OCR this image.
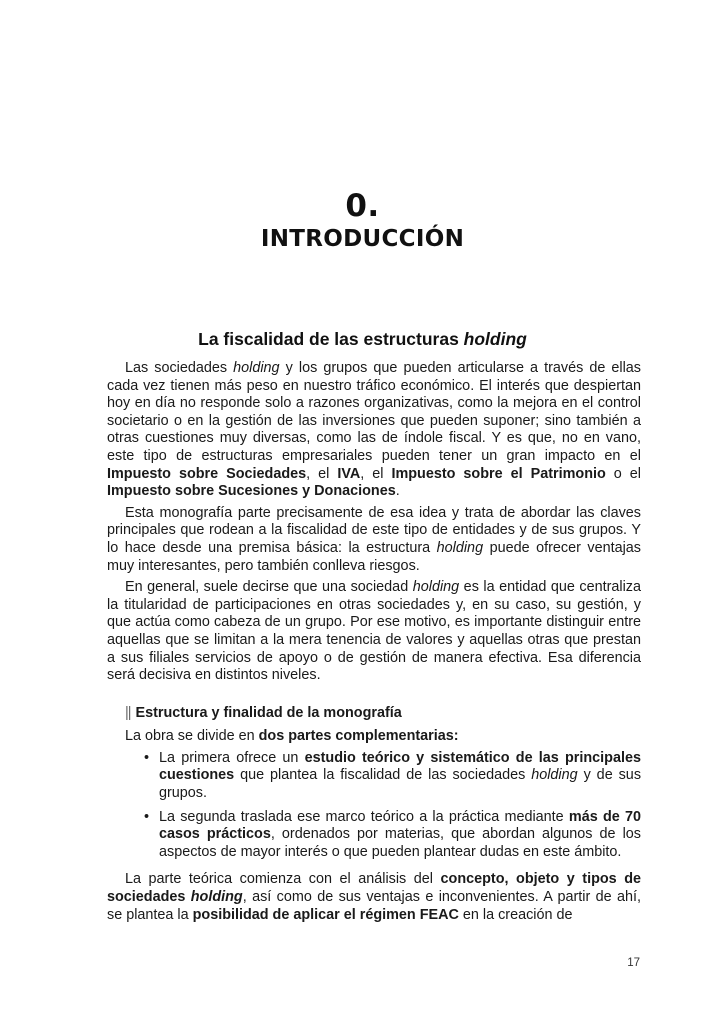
0.
INTRODUCCIÓN
La fiscalidad de las estructuras holding

Las sociedades holding y los grupos que pueden articularse a través de ellas cada vez tienen más peso en nuestro tráfico económico. El interés que despiertan hoy en día no responde solo a razones organizativas, como la mejora en el control societario o en la gestión de las inversiones que pueden suponer; sino también a otras cuestiones muy diversas, como las de índole fiscal. Y es que, no en vano, este tipo de estructuras empresariales pueden tener un gran impacto en el Impuesto sobre Sociedades, el IVA, el Impuesto sobre el Patrimonio o el Impuesto sobre Sucesiones y Donaciones.

Esta monografía parte precisamente de esa idea y trata de abordar las claves principales que rodean a la fiscalidad de este tipo de entidades y de sus grupos. Y lo hace desde una premisa básica: la estructura holding puede ofrecer ventajas muy interesantes, pero también conlleva riesgos.

En general, suele decirse que una sociedad holding es la entidad que centraliza la titularidad de participaciones en otras sociedades y, en su caso, su gestión, y que actúa como cabeza de un grupo. Por ese motivo, es importante distinguir entre aquellas que se limitan a la mera tenencia de valores y aquellas otras que prestan a sus filiales servicios de apoyo o de gestión de manera efectiva. Esa diferencia será decisiva en distintos niveles.

|| Estructura y finalidad de la monografía
La obra se divide en dos partes complementarias:
• La primera ofrece un estudio teórico y sistemático de las principales cuestiones que plantea la fiscalidad de las sociedades holding y de sus grupos.
• La segunda traslada ese marco teórico a la práctica mediante más de 70 casos prácticos, ordenados por materias, que abordan algunos de los aspectos de mayor interés o que pueden plantear dudas en este ámbito.

La parte teórica comienza con el análisis del concepto, objeto y tipos de sociedades holding, así como de sus ventajas e inconvenientes. A partir de ahí, se plantea la posibilidad de aplicar el régimen FEAC en la creación de

17
